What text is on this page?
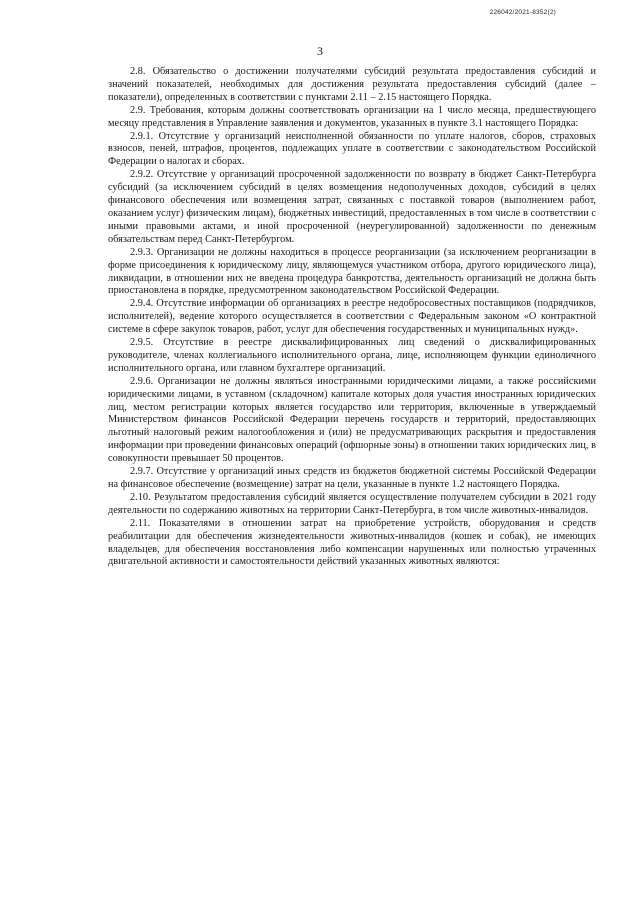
226042/2021-8352(2)
3

2.8. Обязательство о достижении получателями субсидий результата предоставления субсидий и значений показателей, необходимых для достижения результата предоставления субсидий (далее – показатели), определенных в соответствии с пунктами 2.11 – 2.15 настоящего Порядка.

2.9. Требования, которым должны соответствовать организации на 1 число месяца, предшествующего месяцу представления в Управление заявления и документов, указанных в пункте 3.1 настоящего Порядка:

2.9.1. Отсутствие у организаций неисполненной обязанности по уплате налогов, сборов, страховых взносов, пеней, штрафов, процентов, подлежащих уплате в соответствии с законодательством Российской Федерации о налогах и сборах.

2.9.2. Отсутствие у организаций просроченной задолженности по возврату в бюджет Санкт-Петербурга субсидий (за исключением субсидий в целях возмещения недополученных доходов, субсидий в целях финансового обеспечения или возмещения затрат, связанных с поставкой товаров (выполнением работ, оказанием услуг) физическим лицам), бюджетных инвестиций, предоставленных в том числе в соответствии с иными правовыми актами, и иной просроченной (неурегулированной) задолженности по денежным обязательствам перед Санкт-Петербургом.

2.9.3. Организации не должны находиться в процессе реорганизации (за исключением реорганизации в форме присоединения к юридическому лицу, являющемуся участником отбора, другого юридического лица), ликвидации, в отношении них не введена процедура банкротства, деятельность организаций не должна быть приостановлена в порядке, предусмотренном законодательством Российской Федерации.

2.9.4. Отсутствие информации об организациях в реестре недобросовестных поставщиков (подрядчиков, исполнителей), ведение которого осуществляется в соответствии с Федеральным законом «О контрактной системе в сфере закупок товаров, работ, услуг для обеспечения государственных и муниципальных нужд».

2.9.5. Отсутствие в реестре дисквалифицированных лиц сведений о дисквалифицированных руководителе, членах коллегиального исполнительного органа, лице, исполняющем функции единоличного исполнительного органа, или главном бухгалтере организаций.

2.9.6. Организации не должны являться иностранными юридическими лицами, а также российскими юридическими лицами, в уставном (складочном) капитале которых доля участия иностранных юридических лиц, местом регистрации которых является государство или территория, включенные в утверждаемый Министерством финансов Российской Федерации перечень государств и территорий, предоставляющих льготный налоговый режим налогообложения и (или) не предусматривающих раскрытия и предоставления информации при проведении финансовых операций (офшорные зоны) в отношении таких юридических лиц, в совокупности превышает 50 процентов.

2.9.7. Отсутствие у организаций иных средств из бюджетов бюджетной системы Российской Федерации на финансовое обеспечение (возмещение) затрат на цели, указанные в пункте 1.2 настоящего Порядка.

2.10. Результатом предоставления субсидий является осуществление получателем субсидии в 2021 году деятельности по содержанию животных на территории Санкт-Петербурга, в том числе животных-инвалидов.

2.11. Показателями в отношении затрат на приобретение устройств, оборудования и средств реабилитации для обеспечения жизнедеятельности животных-инвалидов (кошек и собак), не имеющих владельцев, для обеспечения восстановления либо компенсации нарушенных или полностью утраченных двигательной активности и самостоятельности действий указанных животных являются:
